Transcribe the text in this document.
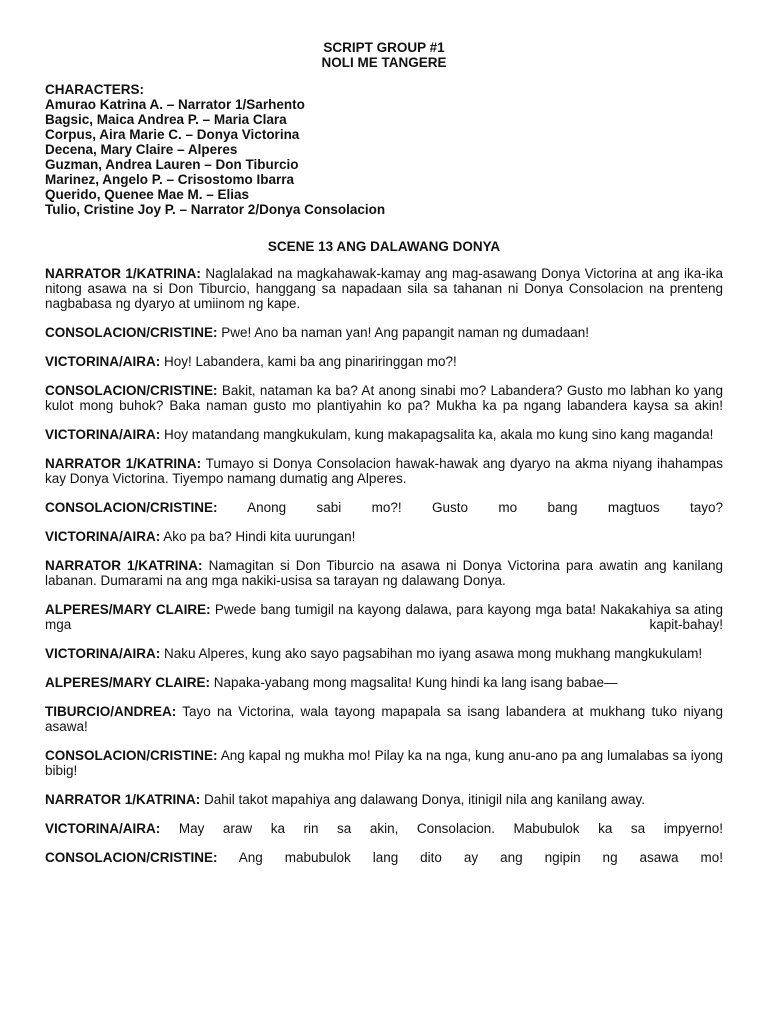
SCRIPT GROUP #1
NOLI ME TANGERE
CHARACTERS:
Amurao Katrina A. – Narrator 1/Sarhento
Bagsic, Maica Andrea P. – Maria Clara
Corpus, Aira Marie C. – Donya Victorina
Decena, Mary Claire – Alperes
Guzman, Andrea Lauren – Don Tiburcio
Marinez, Angelo P. – Crisostomo Ibarra
Querido, Quenee Mae M. – Elias
Tulio, Cristine Joy P. – Narrator 2/Donya Consolacion
SCENE 13 ANG DALAWANG DONYA

NARRATOR 1/KATRINA: Naglalakad na magkahawak-kamay ang mag-asawang Donya Victorina at ang ika-ika nitong asawa na si Don Tiburcio, hanggang sa napadaan sila sa tahanan ni Donya Consolacion na prenteng nagbabasa ng dyaryo at umiinom ng kape.

CONSOLACION/CRISTINE: Pwe! Ano ba naman yan! Ang papangit naman ng dumadaan!

VICTORINA/AIRA: Hoy! Labandera, kami ba ang pinariringgan mo?!

CONSOLACION/CRISTINE: Bakit, nataman ka ba? At anong sinabi mo? Labandera? Gusto mo labhan ko yang kulot mong buhok? Baka naman gusto mo plantiyahin ko pa? Mukha ka pa ngang labandera kaysa sa akin!

VICTORINA/AIRA: Hoy matandang mangkukulam, kung makapagsalita ka, akala mo kung sino kang maganda!

NARRATOR 1/KATRINA: Tumayo si Donya Consolacion hawak-hawak ang dyaryo na akma niyang ihahampas kay Donya Victorina. Tiyempo namang dumatig ang Alperes.

CONSOLACION/CRISTINE: Anong sabi mo?! Gusto mo bang magtuos tayo?

VICTORINA/AIRA: Ako pa ba? Hindi kita uurungan!

NARRATOR 1/KATRINA: Namagitan si Don Tiburcio na asawa ni Donya Victorina para awatin ang kanilang labanan. Dumarami na ang mga nakiki-usisa sa tarayan ng dalawang Donya.

ALPERES/MARY CLAIRE: Pwede bang tumigil na kayong dalawa, para kayong mga bata! Nakakahiya sa ating mga kapit-bahay!

VICTORINA/AIRA: Naku Alperes, kung ako sayo pagsabihan mo iyang asawa mong mukhang mangkukulam!

ALPERES/MARY CLAIRE: Napaka-yabang mong magsalita! Kung hindi ka lang isang babae—

TIBURCIO/ANDREA: Tayo na Victorina, wala tayong mapapala sa isang labandera at mukhang tuko niyang asawa!

CONSOLACION/CRISTINE: Ang kapal ng mukha mo! Pilay ka na nga, kung anu-ano pa ang lumalabas sa iyong bibig!

NARRATOR 1/KATRINA: Dahil takot mapahiya ang dalawang Donya, itinigil nila ang kanilang away.

VICTORINA/AIRA: May araw ka rin sa akin, Consolacion. Mabubulok ka sa impyerno!

CONSOLACION/CRISTINE: Ang mabubulok lang dito ay ang ngipin ng asawa mo!
